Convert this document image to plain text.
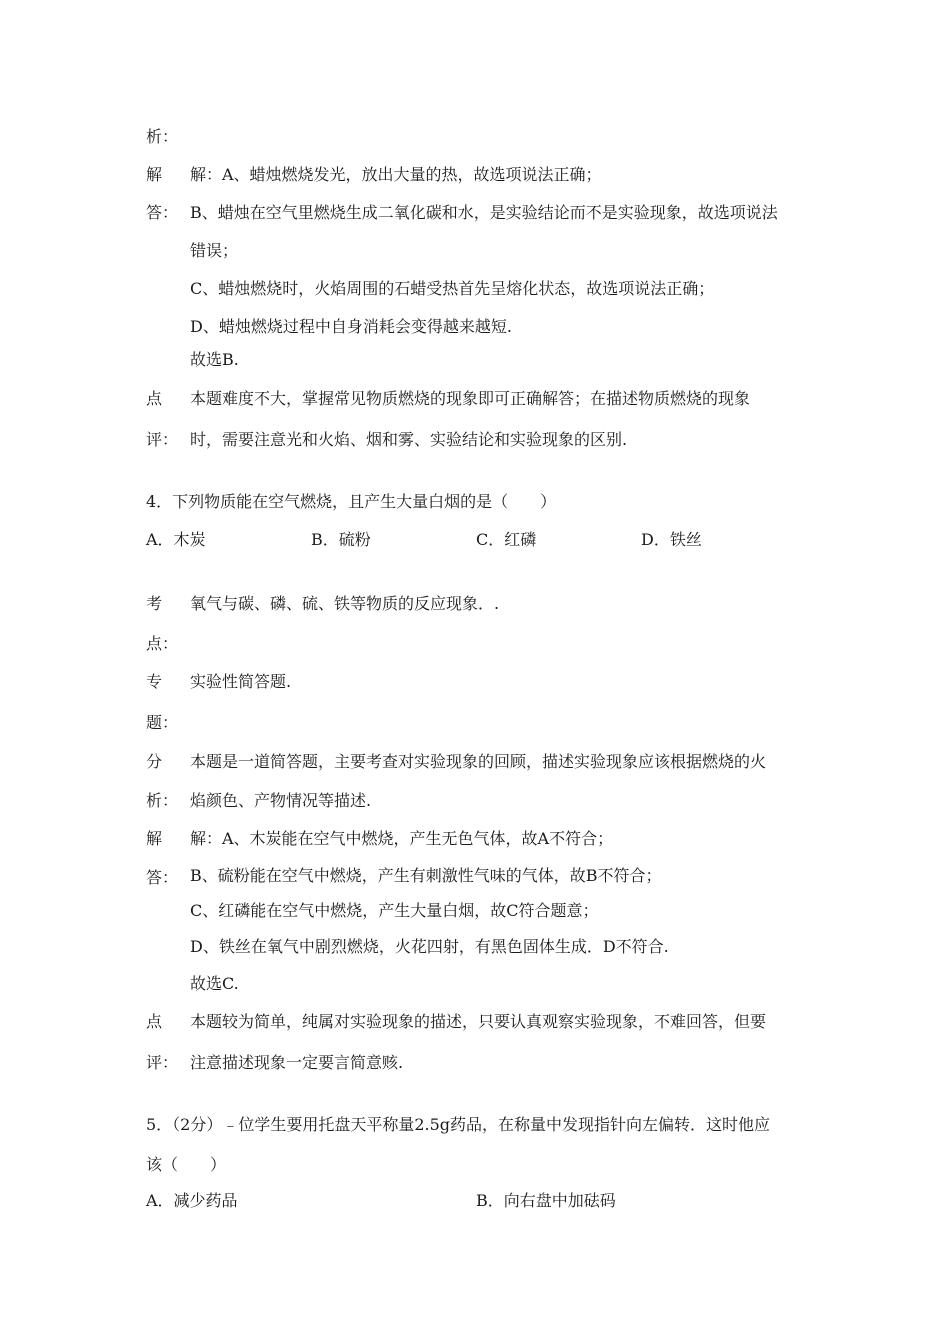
析：
解 解：A、蜡烛燃烧发光，放出大量的热，故选项说法正确；
答： B、蜡烛在空气里燃烧生成二氧化碳和水，是实验结论而不是实验现象，故选项说法
错误；
C、蜡烛燃烧时，火焰周围的石蜡受热首先呈熔化状态，故选项说法正确；
D、蜡烛燃烧过程中自身消耗会变得越来越短.
故选B.
点 本题难度不大，掌握常见物质燃烧的现象即可正确解答；在描述物质燃烧的现象
评： 时，需要注意光和火焰、烟和雾、实验结论和实验现象的区别.
4．下列物质能在空气燃烧，且产生大量白烟的是（　　）
A．木炭	B．硫粉	C．红磷	D．铁丝
考 氧气与碳、磷、硫、铁等物质的反应现象．.
点：
专 实验性简答题.
题：
分 本题是一道简答题，主要考查对实验现象的回顾，描述实验现象应该根据燃烧的火
析： 焰颜色、产物情况等描述.
解 解：A、木炭能在空气中燃烧，产生无色气体，故A不符合；
答： B、硫粉能在空气中燃烧，产生有刺激性气味的气体，故B不符合；
C、红磷能在空气中燃烧，产生大量白烟，故C符合题意；
D、铁丝在氧气中剧烈燃烧，火花四射，有黑色固体生成．D不符合.
故选C.
点 本题较为简单，纯属对实验现象的描述，只要认真观察实验现象，不难回答，但要
评： 注意描述现象一定要言简意赅.
5．（2分）﹣位学生要用托盘天平称量2.5g药品，在称量中发现指针向左偏转．这时他应
该（　　）
A．减少药品	B．向右盘中加砝码
